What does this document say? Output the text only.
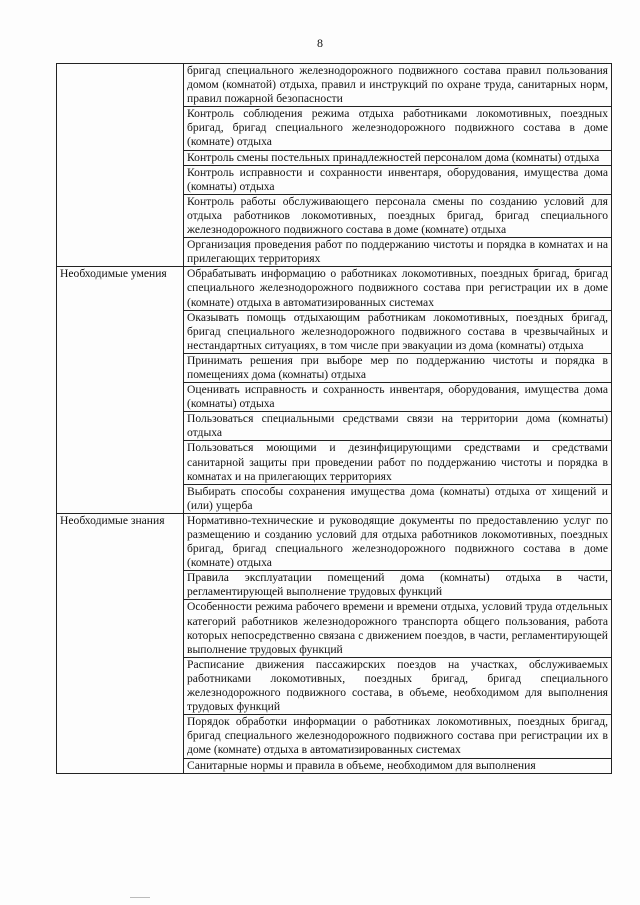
8
	бригад специального железнодорожного подвижного состава правил пользования домом (комнатой) отдыха, правил и инструкций по охране труда, санитарных норм, правил пожарной безопасности
	Контроль соблюдения режима отдыха работниками локомотивных, поездных бригад, бригад специального железнодорожного подвижного состава в доме (комнате) отдыха
	Контроль смены постельных принадлежностей персоналом дома (комнаты) отдыха
	Контроль исправности и сохранности инвентаря, оборудования, имущества дома (комнаты) отдыха
	Контроль работы обслуживающего персонала смены по созданию условий для отдыха работников локомотивных, поездных бригад, бригад специального железнодорожного подвижного состава в доме (комнате) отдыха
	Организация проведения работ по поддержанию чистоты и порядка в комнатах и на прилегающих территориях
Необходимые умения	Обрабатывать информацию о работниках локомотивных, поездных бригад, бригад специального железнодорожного подвижного состава при регистрации их в доме (комнате) отдыха в автоматизированных системах
	Оказывать помощь отдыхающим работникам локомотивных, поездных бригад, бригад специального железнодорожного подвижного состава в чрезвычайных и нестандартных ситуациях, в том числе при эвакуации из дома (комнаты) отдыха
	Принимать решения при выборе мер по поддержанию чистоты и порядка в помещениях дома (комнаты) отдыха
	Оценивать исправность и сохранность инвентаря, оборудования, имущества дома (комнаты) отдыха
	Пользоваться специальными средствами связи на территории дома (комнаты) отдыха
	Пользоваться моющими и дезинфицирующими средствами и средствами санитарной защиты при проведении работ по поддержанию чистоты и порядка в комнатах и на прилегающих территориях
	Выбирать способы сохранения имущества дома (комнаты) отдыха от хищений и (или) ущерба
Необходимые знания	Нормативно-технические и руководящие документы по предоставлению услуг по размещению и созданию условий для отдыха работников локомотивных, поездных бригад, бригад специального железнодорожного подвижного состава в доме (комнате) отдыха
	Правила эксплуатации помещений дома (комнаты) отдыха в части, регламентирующей выполнение трудовых функций
	Особенности режима рабочего времени и времени отдыха, условий труда отдельных категорий работников железнодорожного транспорта общего пользования, работа которых непосредственно связана с движением поездов, в части, регламентирующей выполнение трудовых функций
	Расписание движения пассажирских поездов на участках, обслуживаемых работниками локомотивных, поездных бригад, бригад специального железнодорожного подвижного состава, в объеме, необходимом для выполнения трудовых функций
	Порядок обработки информации о работниках локомотивных, поездных бригад, бригад специального железнодорожного подвижного состава при регистрации их в доме (комнате) отдыха в автоматизированных системах
	Санитарные нормы и правила в объеме, необходимом для выполнения
